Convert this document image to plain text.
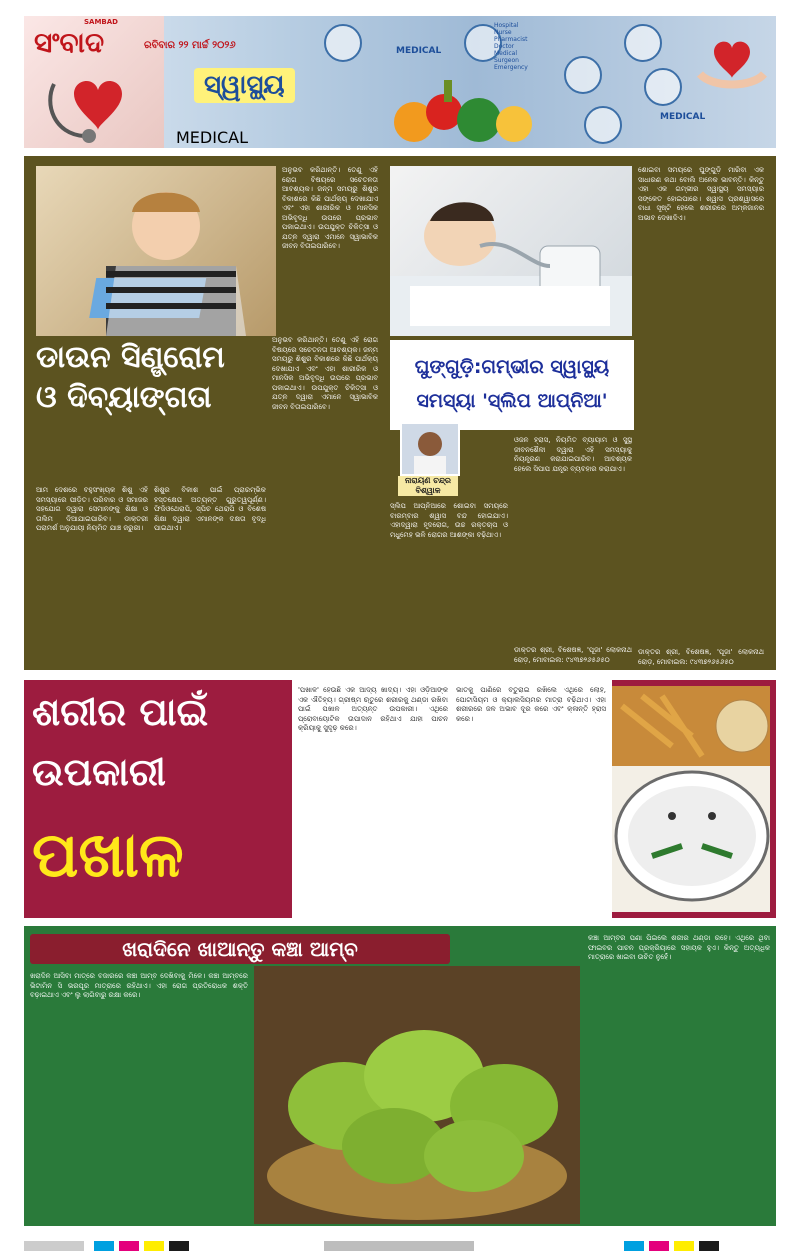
SAMBAD
ସଂବାଦ	ରବିବାର ୨୨ ମାର୍ଚ୍ଚ ୨୦୨୬
ସ୍ୱାସ୍ଥ୍ୟ
MEDICAL
MEDICAL
MEDICAL
Hospital
Nurse
Pharmacist
Doctor
Medical
Surgeon
Emergency
ଅନୁଭବ କରିଥାନ୍ତି। ତେଣୁ ଏହି ରୋଗ ବିଷୟରେ ସଚେତନତା ଆବଶ୍ୟକ। ଜନ୍ମ ସମୟରୁ ଶିଶୁର ବିକାଶରେ କିଛି ପାର୍ଥକ୍ୟ ଦେଖାଯାଏ ଏବଂ ଏହା ଶାରୀରିକ ଓ ମାନସିକ ଅଭିବୃଦ୍ଧି ଉପରେ ପ୍ରଭାବ ପକାଇଥାଏ। ଉପଯୁକ୍ତ ଚିକିତ୍ସା ଓ ଯତ୍ନ ଦ୍ୱାରା ଏମାନେ ସ୍ୱାଭାବିକ ଜୀବନ ବିତାଇପାରିବେ।
ଡାଉନ ସିଣ୍ଡ୍ରୋମ
ଓ ଦିବ୍ୟାଙ୍ଗତା
ଆମ ଦେଶରେ ବହୁସଂଖ୍ୟକ ଶିଶୁ ଏହି ସମସ୍ୟାରେ ପୀଡ଼ିତ। ପରିବାର ଓ ସମାଜର ସହଯୋଗ ଦ୍ୱାରା ସେମାନଙ୍କୁ ଶିକ୍ଷା ଓ ତାଲିମ ଦିଆଯାଇପାରିବ। ଡାକ୍ତରୀ ପରାମର୍ଶ ଅନୁଯାୟୀ ନିୟମିତ ଯାଞ୍ଚ ଜରୁରୀ।
ଶିଶୁର ବିକାଶ ପାଇଁ ପ୍ରାରମ୍ଭିକ ହସ୍ତକ୍ଷେପ ଅତ୍ୟନ୍ତ ଗୁରୁତ୍ୱପୂର୍ଣ୍ଣ। ଫିଜିଓଥେରାପି, ସ୍ପିଚ ଥେରାପି ଓ ବିଶେଷ ଶିକ୍ଷା ଦ୍ୱାରା ଏମାନଙ୍କ ଦକ୍ଷତା ବୃଦ୍ଧି ପାଇଥାଏ।
ଅନୁଭବ କରିଥାନ୍ତି। ତେଣୁ ଏହି ରୋଗ ବିଷୟରେ ସଚେତନତା ଆବଶ୍ୟକ। ଜନ୍ମ ସମୟରୁ ଶିଶୁର ବିକାଶରେ କିଛି ପାର୍ଥକ୍ୟ ଦେଖାଯାଏ ଏବଂ ଏହା ଶାରୀରିକ ଓ ମାନସିକ ଅଭିବୃଦ୍ଧି ଉପରେ ପ୍ରଭାବ ପକାଇଥାଏ। ଉପଯୁକ୍ତ ଚିକିତ୍ସା ଓ ଯତ୍ନ ଦ୍ୱାରା ଏମାନେ ସ୍ୱାଭାବିକ ଜୀବନ ବିତାଇପାରିବେ।
ଶୋଇବା ସମୟରେ ଘୁଙ୍ଗୁଡ଼ି ମାରିବା ଏକ ସାଧାରଣ କଥା ବୋଲି ଅନେକ ଭାବନ୍ତି। କିନ୍ତୁ ଏହା ଏକ ଗମ୍ଭୀର ସ୍ୱାସ୍ଥ୍ୟ ସମସ୍ୟାର ସଙ୍କେତ ହୋଇପାରେ। ଶ୍ୱାସ ପ୍ରଶ୍ୱାସରେ ବାଧା ସୃଷ୍ଟି ହେଲେ ଶରୀରରେ ଅମ୍ଳଜାନର ଅଭାବ ଦେଖାଦିଏ।
ଘୁଙ୍ଗୁଡ଼ି:ଗମ୍ଭୀର ସ୍ୱାସ୍ଥ୍ୟ
ସମସ୍ୟା 'ସ୍ଲିପ ଆପ୍ନିଆ'
ନାରାୟଣ ଚନ୍ଦ୍ର
ବିଶ୍ୱାଳ
ସ୍ଲିପ ଆପ୍ନିଆରେ ଶୋଇବା ସମୟରେ ବାରମ୍ବାର ଶ୍ୱାସ ବନ୍ଦ ହୋଇଯାଏ। ଏହାଦ୍ୱାରା ହୃଦରୋଗ, ଉଚ୍ଚ ରକ୍ତଚାପ ଓ ମଧୁମେହ ଭଳି ରୋଗର ଆଶଙ୍କା ବଢ଼ିଥାଏ।
ଓଜନ ହ୍ରାସ, ନିୟମିତ ବ୍ୟାୟାମ ଓ ସୁସ୍ଥ ଜୀବନଶୈଳୀ ଦ୍ୱାରା ଏହି ସମସ୍ୟାକୁ ନିୟନ୍ତ୍ରଣ କରାଯାଇପାରିବ। ଆବଶ୍ୟକ ହେଲେ ସିପାପ ଯନ୍ତ୍ର ବ୍ୟବହାର କରାଯାଏ।
ଡାକ୍ତର ଶ୍ରୀ, ବିଶେଷଜ୍ଞ, 'ପୂଜା' ଲୋକନାଥ ରୋଡ଼, ମୋବାଇଲ: ୯୪୩୭୨୬୫୬୫୦
ଡାକ୍ତର ଶ୍ରୀ, ବିଶେଷଜ୍ଞ, 'ପୂଜା' ଲୋକନାଥ ରୋଡ଼, ମୋବାଇଲ: ୯୪୩୭୨୬୫୬୫୦
ଶରୀର ପାଇଁ
ଉପକାରୀ
ପଖାଳ
'ପଖାଳ' ହେଉଛି ଏକ ଆଦ୍ୟ ଖାଦ୍ୟ। ଏହା ଓଡ଼ିଆଙ୍କ ଏକ ଐତିହ୍ୟ। ଗ୍ରୀଷ୍ମ ଋତୁରେ ଶରୀରକୁ ଥଣ୍ଡା ରଖିବା ପାଇଁ ପଖାଳ ଅତ୍ୟନ୍ତ ଉପକାରୀ। ଏଥିରେ ପ୍ରୋବାୟୋଟିକ ଉପାଦାନ ରହିଥାଏ ଯାହା ପାଚନ କ୍ରିୟାକୁ ସୁଦୃଢ଼ କରେ।
ଭାତକୁ ପାଣିରେ ବତୁରାଇ ରଖିଲେ ଏଥିରେ ଲୋହ, ପୋଟାସିୟମ ଓ କ୍ୟାଲସିୟମର ମାତ୍ରା ବଢ଼ିଥାଏ। ଏହା ଶରୀରରେ ଜଳ ଅଭାବ ଦୂର କରେ ଏବଂ କ୍ଳାନ୍ତି ହ୍ରାସ କରେ।
ଖରାଦିନେ ଖାଆନ୍ତୁ କଞ୍ଚା ଆମ୍ବ
ଖରାଦିନ ଆସିବା ମାତ୍ରେ ବଜାରରେ କଞ୍ଚା ଆମ୍ବ ଦେଖିବାକୁ ମିଳେ। କଞ୍ଚା ଆମ୍ବରେ ଭିଟାମିନ ସି ଭରପୂର ମାତ୍ରାରେ ରହିଥାଏ। ଏହା ରୋଗ ପ୍ରତିରୋଧକ ଶକ୍ତି ବଢ଼ାଇଥାଏ ଏବଂ ଲୁ ଲାଗିବାରୁ ରକ୍ଷା କରେ।
କଞ୍ଚା ଆମ୍ବର ପଣା ପିଇଲେ ଶରୀର ଥଣ୍ଡା ରହେ। ଏଥିରେ ଥିବା ଫାଇବର ପାଚନ ପ୍ରକ୍ରିୟାରେ ସହାୟକ ହୁଏ। କିନ୍ତୁ ଅତ୍ୟଧିକ ମାତ୍ରାରେ ଖାଇବା ଉଚିତ ନୁହେଁ।
